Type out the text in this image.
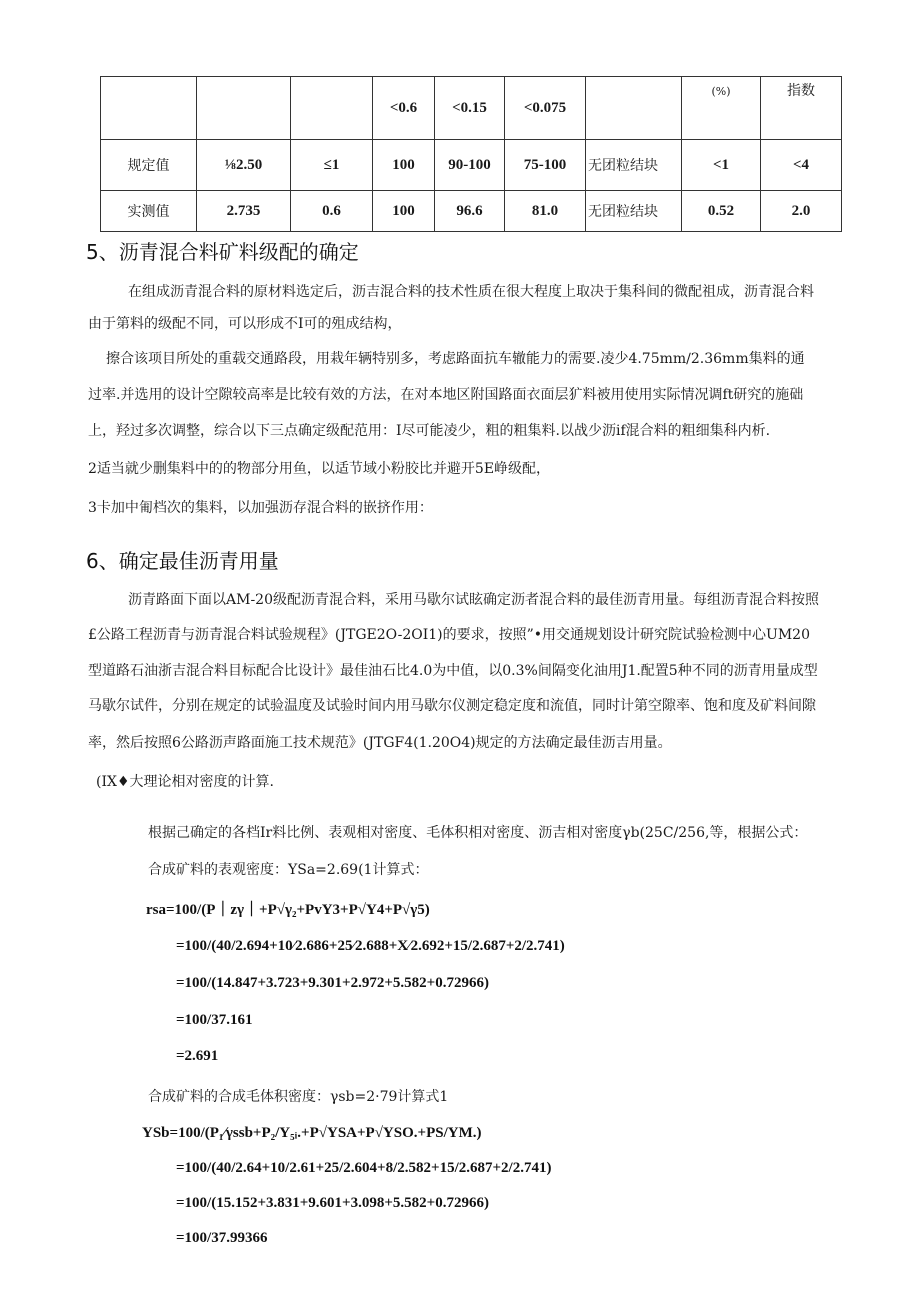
			<0.6	<0.15	<0.075		(%)	指数
规定值	⅛2.50	≤1	100	90-100	75-100	无团粒结块	<1	<4
实测值	2.735	0.6	100	96.6	81.0	无团粒结块	0.52	2.0
5、沥青混合料矿料级配的确定
在组成沥青混合料的原材料选定后，沥吉混合料的技术性质在很大程度上取决于集科间的微配祖成，沥青混合料
由于第料的级配不同，可以形成不I可的殂成结构，
擦合该项目所处的重载交通路段，用栽年辆特别多，考虑路面抗车辙能力的需要.凌少4.75mm∕2.36mm集料的通
过率.并选用的设计空隙较高率是比较有效的方法，在对本地区附国路面衣面层犷料被用使用实际情况调ft研究的施础
上，羟过多次调整，综合以下三点确定级配范用：I尽可能凌少，粗的粗集料.以战少沥if混合料的粗细集科内析.
2适当就少删集料中的的物部分用鱼，以适节域小粉胶比并避开5E峥级配，
3卡加中匍档次的集料，以加强沥存混合料的嵌挤作用：
6、确定最佳沥青用量
沥青路面下面以AM-20级配沥青混合料，采用马歇尔试眩确定沥者混合料的最佳沥青用量。每组沥青混合料按照
£公路工程沥青与沥青混合料试验规程》(JTGE2O-2OI1)的要求，按照”•用交通规划设计研究院试验检测中心UM20
型道路石油浙吉混合料目标配合比设计》最佳油石比4.0为中值，以0.3%间隔变化油用J1.配置5种不同的沥青用量成型
马歇尔试件，分别在规定的试验温度及试验时间内用马歇尔仪测定稳定度和流值，同时计第空隙率、饱和度及矿料间隙
率，然后按照6公路沥声路面施工技术规范》(JTGF4(1.20O4)规定的方法确定最佳沥吉用量。
(IX♦大理论相对密度的计算.
根据己确定的各档Ir料比例、表观相对密度、毛体积相对密度、沥吉相对密度γb(25C/256,等，根据公式：
合成矿料的表观密度：YSa=2.69(1计算式：
rsa=100/(P｜zγ｜+P√γ₂+PvY3+P√Y4+P√γ5)
=100/(40/2.694+10⁄2.686+25⁄2.688+X⁄2.692+15/2.687+2/2.741)
=100/(14.847+3.723+9.301+2.972+5.582+0.72966)
=100/37.161
=2.691
合成矿料的合成毛体积密度：γsb=2·79计算式1
YSb=100/(P₁∕γssb+P₂/Y₅ᵢ.+P√YSA+P√YSO.+PS/YM.)
=100/(40/2.64+10/2.61+25/2.604+8/2.582+15/2.687+2/2.741)
=100/(15.152+3.831+9.601+3.098+5.582+0.72966)
=100/37.99366
